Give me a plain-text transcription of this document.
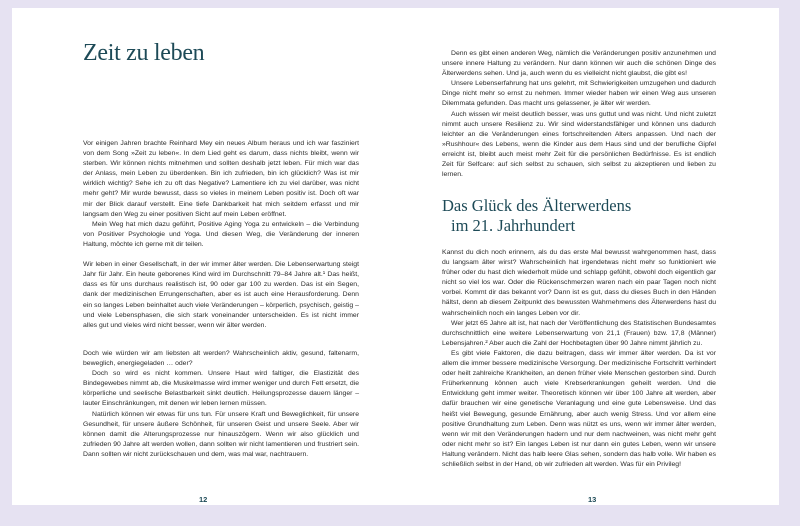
Zeit zu leben

Vor einigen Jahren brachte Reinhard Mey ein neues Album heraus und ich war fasziniert von dem Song »Zeit zu leben«. In dem Lied geht es darum, dass nichts bleibt, wenn wir sterben. Wir können nichts mitnehmen und sollten deshalb jetzt leben. Für mich war das der Anlass, mein Leben zu überdenken. Bin ich zufrieden, bin ich glücklich? Was ist mir wirklich wichtig? Sehe ich zu oft das Negative? Lamentiere ich zu viel darüber, was nicht mehr geht? Mir wurde bewusst, dass so vieles in meinem Leben positiv ist. Doch oft war mir der Blick darauf verstellt. Eine tiefe Dankbarkeit hat mich seitdem erfasst und mir langsam den Weg zu einer positiven Sicht auf mein Leben eröffnet.

Mein Weg hat mich dazu geführt, Positive Aging Yoga zu entwickeln – die Verbindung von Positiver Psychologie und Yoga. Und diesen Weg, die Veränderung der inneren Haltung, möchte ich gerne mit dir teilen.

Wir leben in einer Gesellschaft, in der wir immer älter werden. Die Lebenserwartung steigt Jahr für Jahr. Ein heute geborenes Kind wird im Durchschnitt 79–84 Jahre alt.¹ Das heißt, dass es für uns durchaus realistisch ist, 90 oder gar 100 zu werden. Das ist ein Segen, dank der medizinischen Errungenschaften, aber es ist auch eine Herausforderung. Denn ein so langes Leben beinhaltet auch viele Veränderungen – körperlich, psychisch, geistig – und viele Lebensphasen, die sich stark voneinander unterscheiden. Es ist nicht immer alles gut und vieles wird nicht besser, wenn wir älter werden.

Doch wie würden wir am liebsten alt werden? Wahrscheinlich aktiv, gesund, faltenarm, beweglich, energiegeladen … oder?

Doch so wird es nicht kommen. Unsere Haut wird faltiger, die Elastizität des Bindegewebes nimmt ab, die Muskelmasse wird immer weniger und durch Fett ersetzt, die körperliche und seelische Belastbarkeit sinkt deutlich. Heilungsprozesse dauern länger – lauter Einschränkungen, mit denen wir leben lernen müssen.

Natürlich können wir etwas für uns tun. Für unsere Kraft und Beweglichkeit, für unsere Gesundheit, für unsere äußere Schönheit, für unseren Geist und unsere Seele. Aber wir können damit die Alterungsprozesse nur hinauszögern. Wenn wir also glücklich und zufrieden 90 Jahre alt werden wollen, dann sollten wir nicht lamentieren und frustriert sein. Dann sollten wir nicht zurückschauen und dem, was mal war, nachtrauern.

12

Denn es gibt einen anderen Weg, nämlich die Veränderungen positiv anzunehmen und unsere innere Haltung zu verändern. Nur dann können wir auch die schönen Dinge des Älterwerdens sehen. Und ja, auch wenn du es vielleicht nicht glaubst, die gibt es!

Unsere Lebenserfahrung hat uns gelehrt, mit Schwierigkeiten umzugehen und dadurch Dinge nicht mehr so ernst zu nehmen. Immer wieder haben wir einen Weg aus unseren Dilemmata gefunden. Das macht uns gelassener, je älter wir werden.

Auch wissen wir meist deutlich besser, was uns guttut und was nicht. Und nicht zuletzt nimmt auch unsere Resilienz zu. Wir sind widerstandsfähiger und können uns dadurch leichter an die Veränderungen eines fortschreitenden Alters anpassen. Und nach der »Rushhour« des Lebens, wenn die Kinder aus dem Haus sind und der berufliche Gipfel erreicht ist, bleibt auch meist mehr Zeit für die persönlichen Bedürfnisse. Es ist endlich Zeit für Selfcare: auf sich selbst zu schauen, sich selbst zu akzeptieren und lieben zu lernen.

Das Glück des Älterwerdens
im 21. Jahrhundert

Kannst du dich noch erinnern, als du das erste Mal bewusst wahrgenommen hast, dass du langsam älter wirst? Wahrscheinlich hat irgendetwas nicht mehr so funktioniert wie früher oder du hast dich wiederholt müde und schlapp gefühlt, obwohl doch eigentlich gar nicht so viel los war. Oder die Rückenschmerzen waren nach ein paar Tagen noch nicht vorbei. Kommt dir das bekannt vor? Dann ist es gut, dass du dieses Buch in den Händen hältst, denn ab diesem Zeitpunkt des bewussten Wahrnehmens des Älterwerdens hast du wahrscheinlich noch ein langes Leben vor dir.

Wer jetzt 65 Jahre alt ist, hat nach der Veröffentlichung des Statistischen Bundesamtes durchschnittlich eine weitere Lebenserwartung von 21,1 (Frauen) bzw. 17,8 (Männer) Lebensjahren.² Aber auch die Zahl der Hochbetagten über 90 Jahre nimmt jährlich zu.

Es gibt viele Faktoren, die dazu beitragen, dass wir immer älter werden. Da ist vor allem die immer bessere medizinische Versorgung. Der medizinische Fortschritt verhindert oder heilt zahlreiche Krankheiten, an denen früher viele Menschen gestorben sind. Durch Früherkennung können auch viele Krebserkrankungen geheilt werden. Und die Entwicklung geht immer weiter. Theoretisch können wir über 100 Jahre alt werden, aber dafür brauchen wir eine genetische Veranlagung und eine gute Lebensweise. Und das heißt viel Bewegung, gesunde Ernährung, aber auch wenig Stress. Und vor allem eine positive Grundhaltung zum Leben. Denn was nützt es uns, wenn wir immer älter werden, wenn wir mit den Veränderungen hadern und nur dem nachweinen, was nicht mehr geht oder nicht mehr so ist? Ein langes Leben ist nur dann ein gutes Leben, wenn wir unsere Haltung verändern. Nicht das halb leere Glas sehen, sondern das halb volle. Wir haben es schließlich selbst in der Hand, ob wir zufrieden alt werden. Was für ein Privileg!

13
